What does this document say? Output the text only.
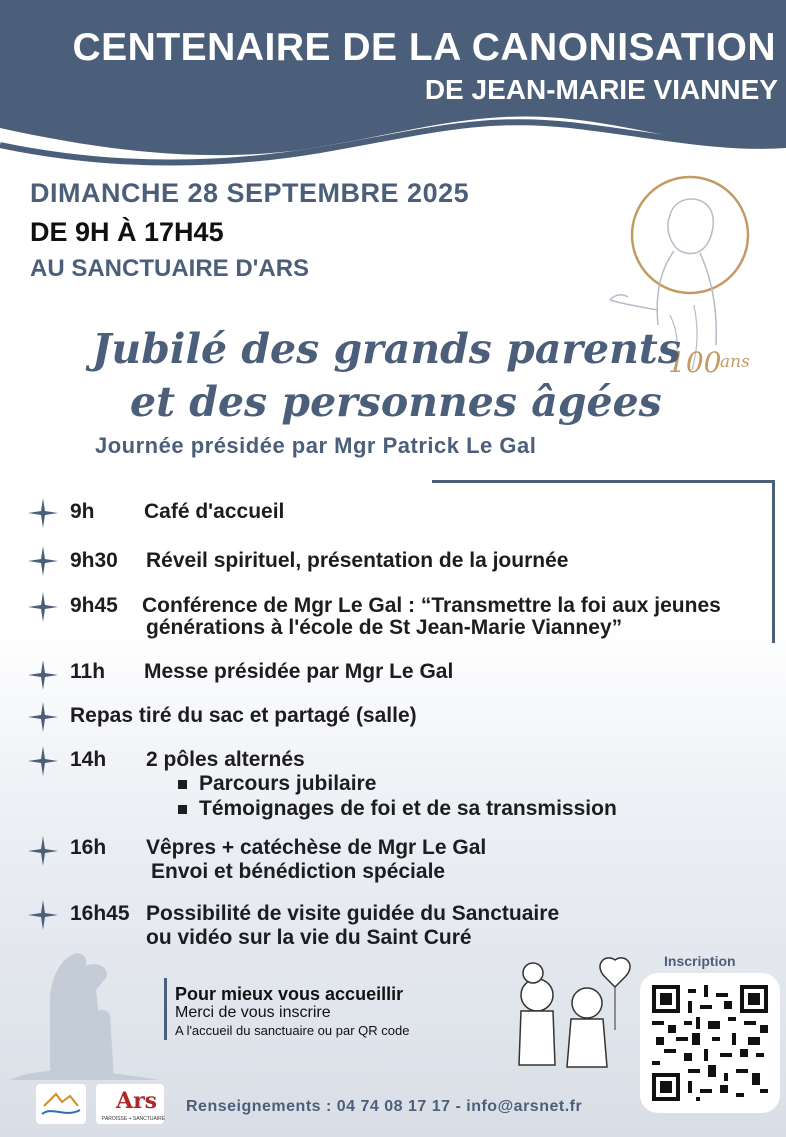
CENTENAIRE DE LA CANONISATION
DE JEAN-MARIE VIANNEY
DIMANCHE 28 SEPTEMBRE 2025
DE 9H À 17H45
AU SANCTUAIRE D'ARS
100
ans
Jubilé des grands parents
et des personnes âgées
Journée présidée par Mgr Patrick Le Gal
9h Café d'accueil
9h30 Réveil spirituel, présentation de la journée
9h45 Conférence de Mgr Le Gal : “Transmettre la foi aux jeunes
générations à l'école de St Jean-Marie Vianney”
11h Messe présidée par Mgr Le Gal
Repas tiré du sac et partagé (salle)
14h 2 pôles alternés
Parcours jubilaire
Témoignages de foi et de sa transmission
16h Vêpres + catéchèse de Mgr Le Gal
Envoi et bénédiction spéciale
16h45 Possibilité de visite guidée du Sanctuaire
ou vidéo sur la vie du Saint Curé
Pour mieux vous accueillir
Merci de vous inscrire
A l'accueil du sanctuaire ou par QR code
Inscription
Ars
PAROISSE + SANCTUAIRE
Renseignements : 04 74 08 17 17 - info@arsnet.fr
